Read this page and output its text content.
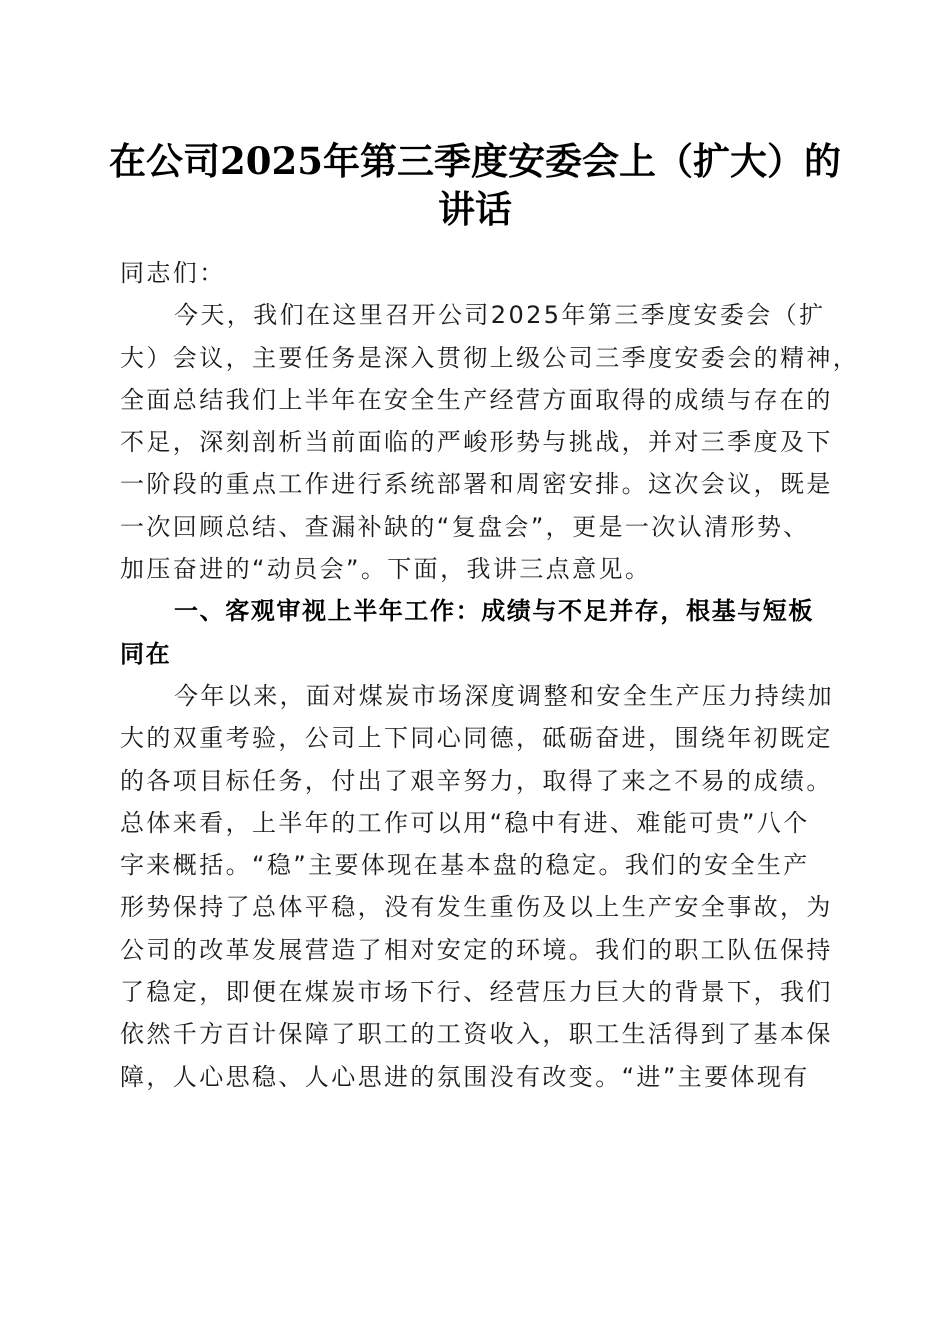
在公司2025年第三季度安委会上（扩大）的
讲话
同志们：
今天，我们在这里召开公司2025年第三季度安委会（扩
大）会议，主要任务是深入贯彻上级公司三季度安委会的精神，
全面总结我们上半年在安全生产经营方面取得的成绩与存在的
不足，深刻剖析当前面临的严峻形势与挑战，并对三季度及下
一阶段的重点工作进行系统部署和周密安排。这次会议，既是
一次回顾总结、查漏补缺的“复盘会”，更是一次认清形势、
加压奋进的“动员会”。下面，我讲三点意见。
一、客观审视上半年工作：成绩与不足并存，根基与短板
同在
今年以来，面对煤炭市场深度调整和安全生产压力持续加
大的双重考验，公司上下同心同德，砥砺奋进，围绕年初既定
的各项目标任务，付出了艰辛努力，取得了来之不易的成绩。
总体来看，上半年的工作可以用“稳中有进、难能可贵”八个
字来概括。“稳”主要体现在基本盘的稳定。我们的安全生产
形势保持了总体平稳，没有发生重伤及以上生产安全事故，为
公司的改革发展营造了相对安定的环境。我们的职工队伍保持
了稳定，即便在煤炭市场下行、经营压力巨大的背景下，我们
依然千方百计保障了职工的工资收入，职工生活得到了基本保
障，人心思稳、人心思进的氛围没有改变。“进”主要体现有
